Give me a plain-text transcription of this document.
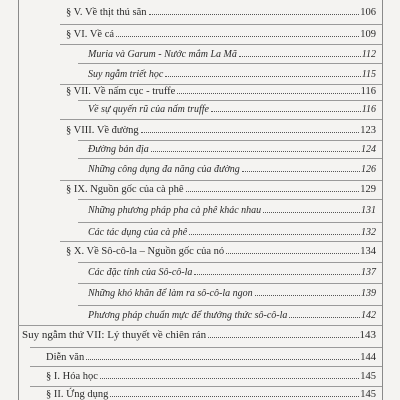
§ V. Về thịt thú săn	106
§ VI. Về cá	109
Muria và Garum - Nước mắm La Mã	112
Suy ngẫm triết học	115
§ VII. Về nấm cục - truffe	116
Về sự quyến rũ của nấm truffe	116
§ VIII. Về đường	123
Đường bản địa	124
Những công dụng đa năng của đường	126
§ IX. Nguồn gốc của cà phê	129
Những phương pháp pha cà phê khác nhau	131
Các tác dụng của cà phê	132
§ X. Về Sô-cô-la – Nguồn gốc của nó	134
Các đặc tính của Sô-cô-la	137
Những khó khăn để làm ra sô-cô-la ngon	139
Phương pháp chuẩn mực để thưởng thức sô-cô-la	142
Suy ngẫm thứ VII: Lý thuyết về chiên rán	143
Diễn văn	144
§ I. Hóa học	145
§ II. Ứng dụng	145
